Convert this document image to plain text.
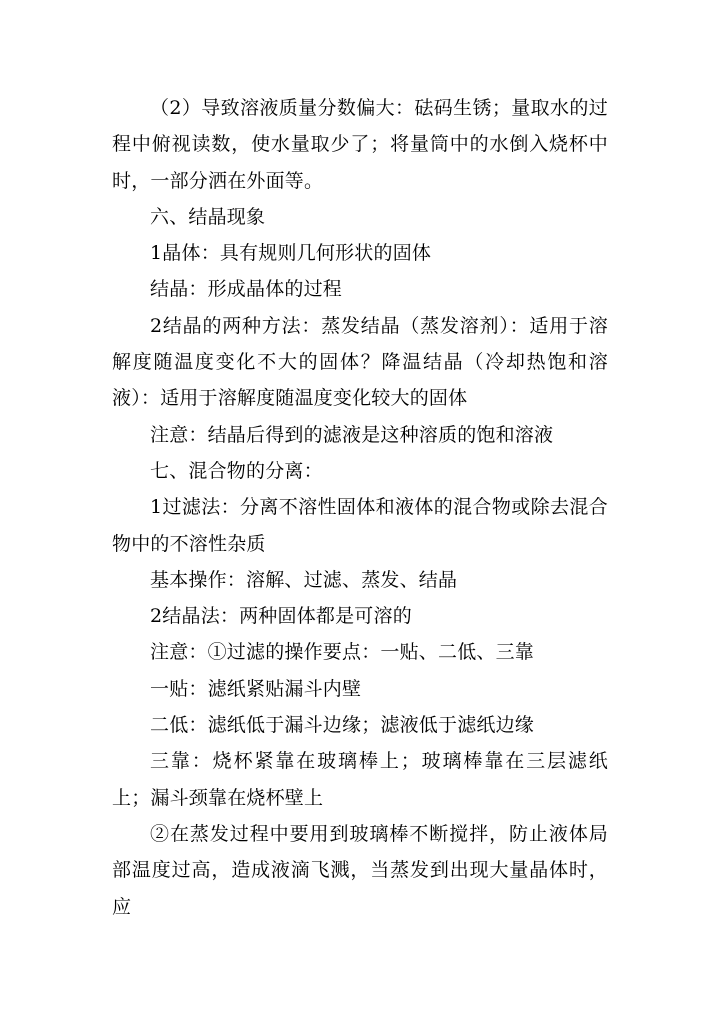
（2）导致溶液质量分数偏大：砝码生锈；量取水的过程中俯视读数，使水量取少了；将量筒中的水倒入烧杯中时，一部分洒在外面等。

六、结晶现象

1晶体：具有规则几何形状的固体

结晶：形成晶体的过程

2结晶的两种方法：蒸发结晶（蒸发溶剂）：适用于溶解度随温度变化不大的固体？降温结晶（冷却热饱和溶液）：适用于溶解度随温度变化较大的固体

注意：结晶后得到的滤液是这种溶质的饱和溶液

七、混合物的分离：

1过滤法：分离不溶性固体和液体的混合物或除去混合物中的不溶性杂质

基本操作：溶解、过滤、蒸发、结晶

2结晶法：两种固体都是可溶的

注意：①过滤的操作要点：一贴、二低、三靠

一贴：滤纸紧贴漏斗内壁

二低：滤纸低于漏斗边缘；滤液低于滤纸边缘

三靠：烧杯紧靠在玻璃棒上；玻璃棒靠在三层滤纸上；漏斗颈靠在烧杯壁上

②在蒸发过程中要用到玻璃棒不断搅拌，防止液体局部温度过高，造成液滴飞溅，当蒸发到出现大量晶体时，应
